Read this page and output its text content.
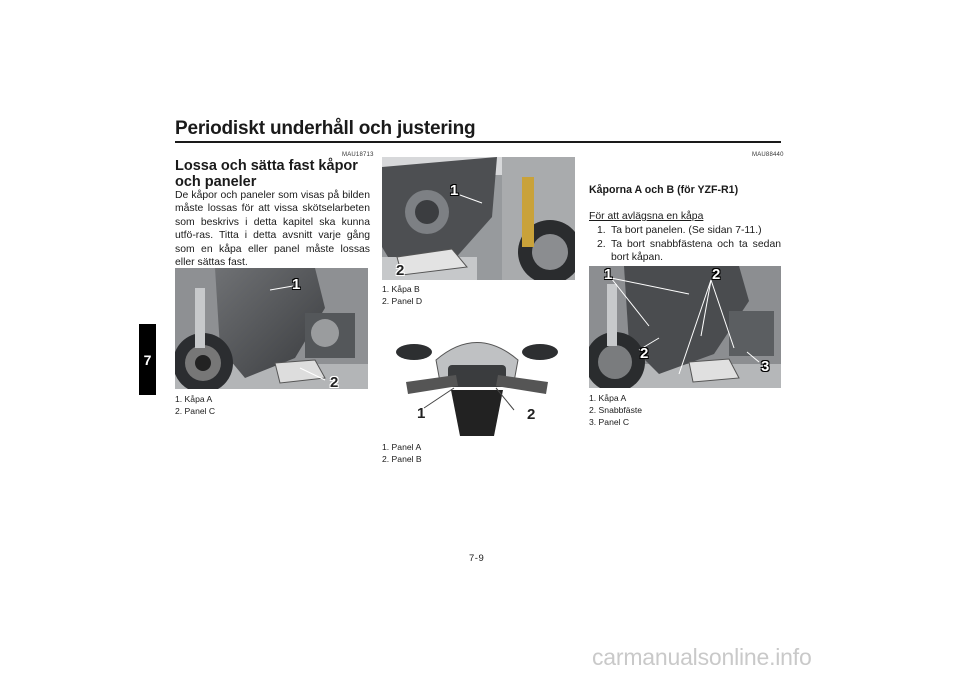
Periodiskt underhåll och justering
7
MAU18713
Lossa och sätta fast kåpor och paneler
De kåpor och paneler som visas på bilden måste lossas för att vissa skötselarbeten som beskrivs i detta kapitel ska kunna utfö-ras. Titta i detta avsnitt varje gång som en kåpa eller panel måste lossas eller sättas fast.
1
2
1. Kåpa A
2. Panel C
1
2
1. Kåpa B
2. Panel D
1	2
1. Panel A
2. Panel B
MAU88440
Kåporna A och B (för YZF-R1)
För att avlägsna en kåpa
1. Ta bort panelen. (Se sidan 7-11.)
2. Ta bort snabbfästena och ta sedan bort kåpan.
1	2
2
3
1. Kåpa A
2. Snabbfäste
3. Panel C
7-9
carmanualsonline.info
